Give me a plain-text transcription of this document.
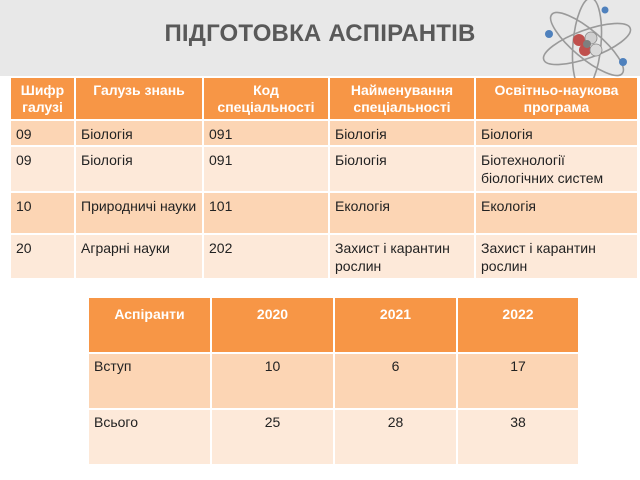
ПІДГОТОВКА АСПІРАНТІВ
Шифр галузі	Галузь знань	Код спеціальності	Найменування спеціальності	Освітньо-наукова програма
09	Біологія	091	Біологія	Біологія
09	Біологія	091	Біологія	Біотехнології біологічних систем
10	Природничі науки	101	Екологія	Екологія
20	Аграрні науки	202	Захист і карантин рослин	Захист і карантин рослин
Аспіранти	2020	2021	2022
Вступ	10	6	17
Всього	25	28	38
